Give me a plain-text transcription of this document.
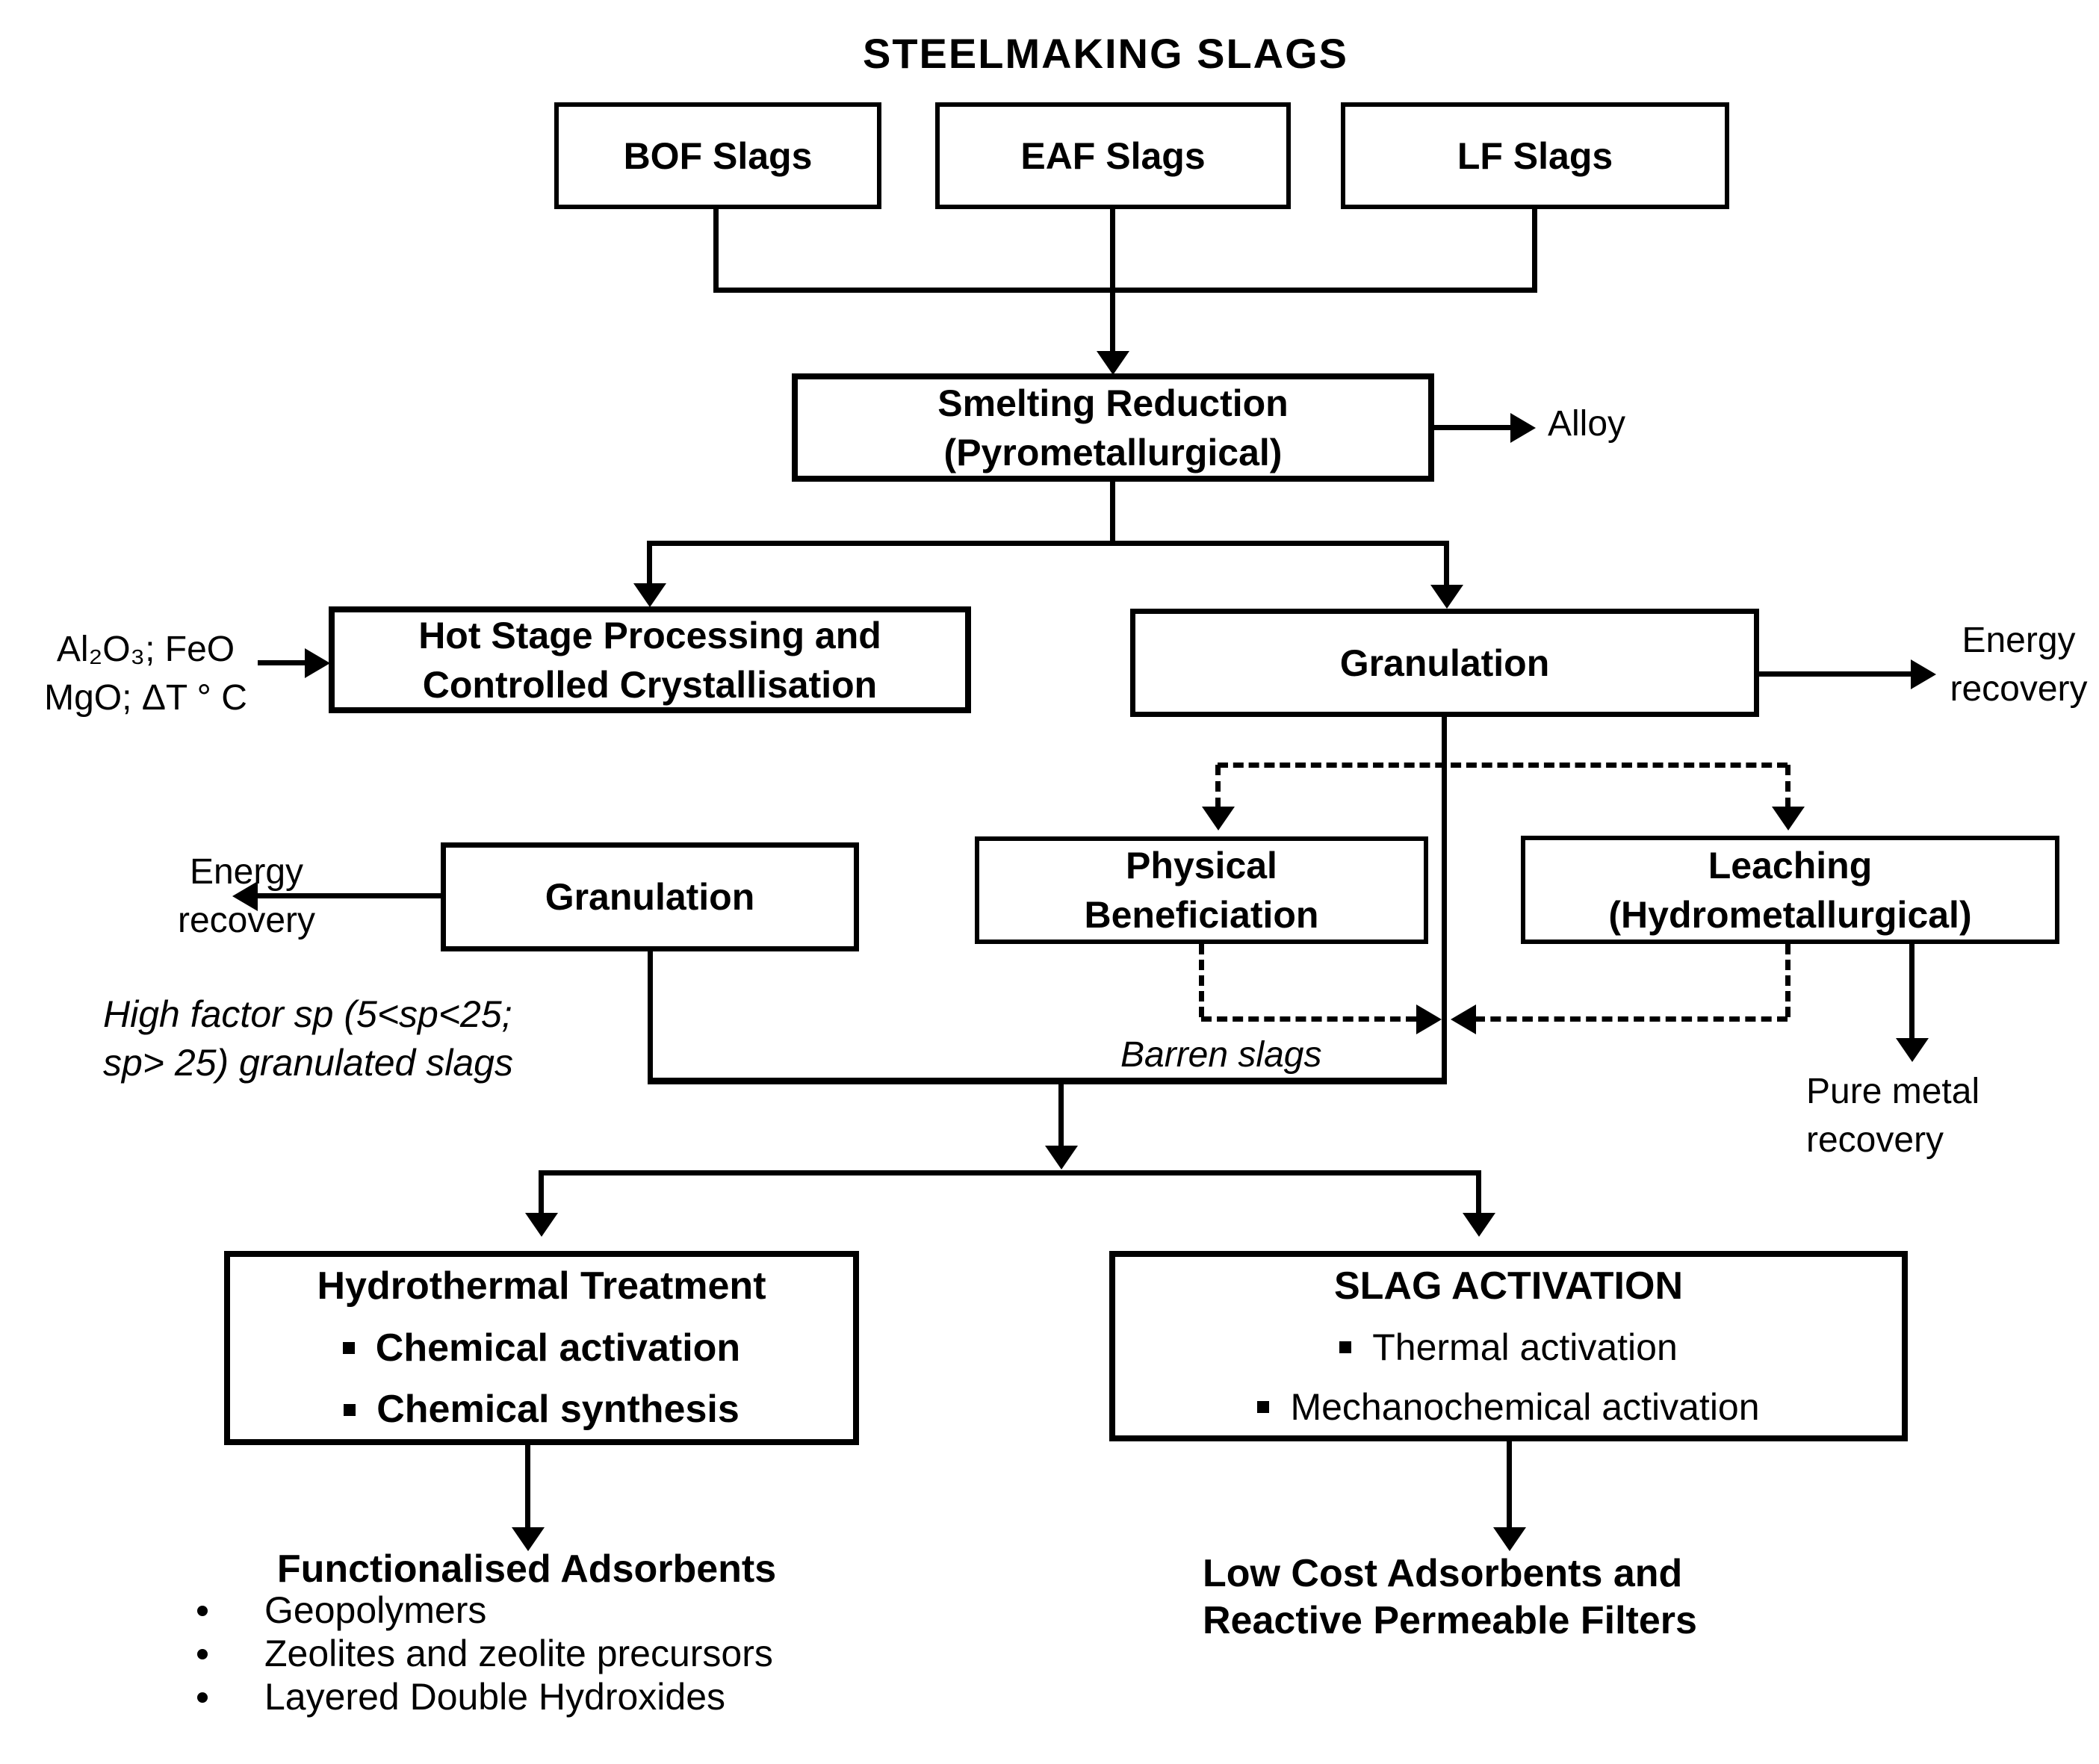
STEELMAKING SLAGS
BOF Slags	EAF Slags	LF Slags
Smelting Reduction
(Pyrometallurgical)
Alloy
Hot Stage Processing and
Controlled Crystallisation
Al₂O₃; FeO
MgO; ΔT ° C
Granulation
Energy
recovery
Physical
Beneficiation
Leaching
(Hydrometallurgical)
Pure metal
recovery
Granulation
Energy
recovery
High factor sp (5<sp<25;
sp> 25) granulated slags	Barren slags
Hydrothermal Treatment
Chemical activation
Chemical synthesis
SLAG ACTIVATION
Thermal activation
Mechanochemical activation
Functionalised Adsorbents
Geopolymers
Zeolites and zeolite precursors
Layered Double Hydroxides
Low Cost Adsorbents and
Reactive Permeable Filters
